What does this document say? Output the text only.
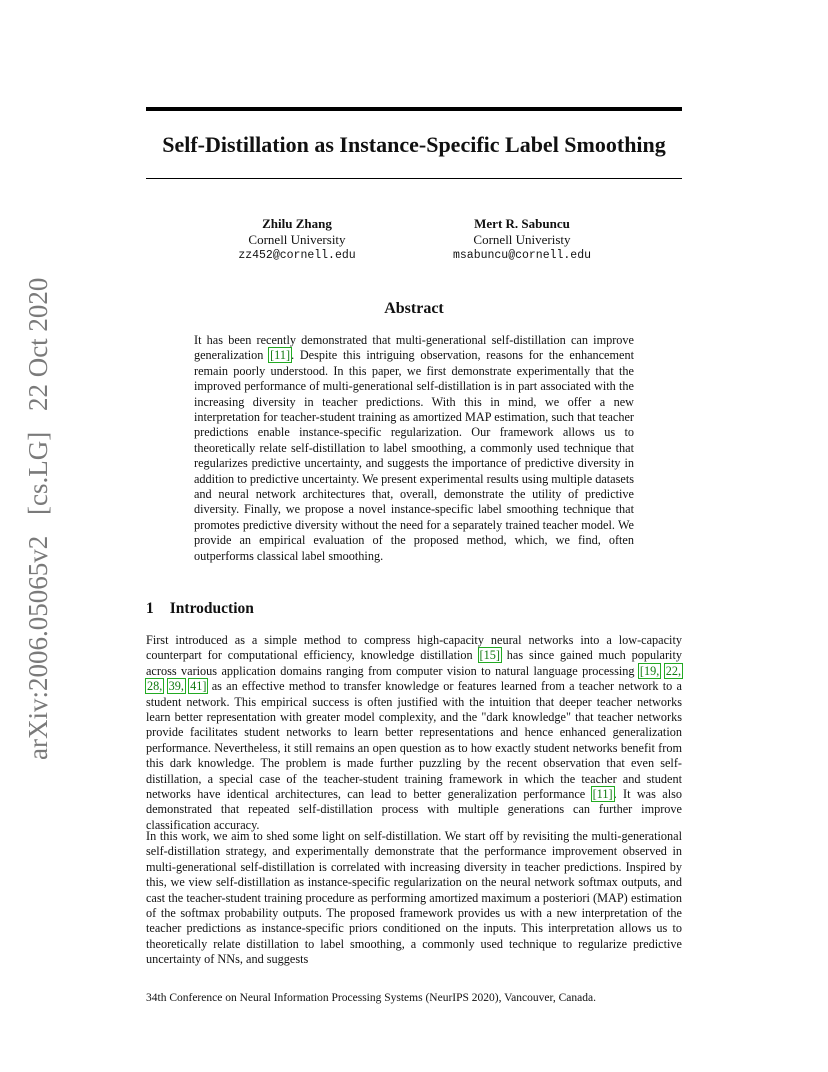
arXiv:2006.05065v2 [cs.LG] 22 Oct 2020
Self-Distillation as Instance-Specific Label Smoothing
Zhilu Zhang
Cornell University
zz452@cornell.edu
Mert R. Sabuncu
Cornell Univeristy
msabuncu@cornell.edu
Abstract
It has been recently demonstrated that multi-generational self-distillation can improve generalization [11]. Despite this intriguing observation, reasons for the enhancement remain poorly understood. In this paper, we first demonstrate experimentally that the improved performance of multi-generational self-distillation is in part associated with the increasing diversity in teacher predictions. With this in mind, we offer a new interpretation for teacher-student training as amortized MAP estimation, such that teacher predictions enable instance-specific regularization. Our framework allows us to theoretically relate self-distillation to label smoothing, a commonly used technique that regularizes predictive uncertainty, and suggests the importance of predictive diversity in addition to predictive uncertainty. We present experimental results using multiple datasets and neural network architectures that, overall, demonstrate the utility of predictive diversity. Finally, we propose a novel instance-specific label smoothing technique that promotes predictive diversity without the need for a separately trained teacher model. We provide an empirical evaluation of the proposed method, which, we find, often outperforms classical label smoothing.
1 Introduction
First introduced as a simple method to compress high-capacity neural networks into a low-capacity counterpart for computational efficiency, knowledge distillation [15] has since gained much popularity across various application domains ranging from computer vision to natural language processing [19, 22, 28, 39, 41] as an effective method to transfer knowledge or features learned from a teacher network to a student network. This empirical success is often justified with the intuition that deeper teacher networks learn better representation with greater model complexity, and the "dark knowledge" that teacher networks provide facilitates student networks to learn better representations and hence enhanced generalization performance. Nevertheless, it still remains an open question as to how exactly student networks benefit from this dark knowledge. The problem is made further puzzling by the recent observation that even self-distillation, a special case of the teacher-student training framework in which the teacher and student networks have identical architectures, can lead to better generalization performance [11]. It was also demonstrated that repeated self-distillation process with multiple generations can further improve classification accuracy.
In this work, we aim to shed some light on self-distillation. We start off by revisiting the multi-generational self-distillation strategy, and experimentally demonstrate that the performance improvement observed in multi-generational self-distillation is correlated with increasing diversity in teacher predictions. Inspired by this, we view self-distillation as instance-specific regularization on the neural network softmax outputs, and cast the teacher-student training procedure as performing amortized maximum a posteriori (MAP) estimation of the softmax probability outputs. The proposed framework provides us with a new interpretation of the teacher predictions as instance-specific priors conditioned on the inputs. This interpretation allows us to theoretically relate distillation to label smoothing, a commonly used technique to regularize predictive uncertainty of NNs, and suggests
34th Conference on Neural Information Processing Systems (NeurIPS 2020), Vancouver, Canada.
